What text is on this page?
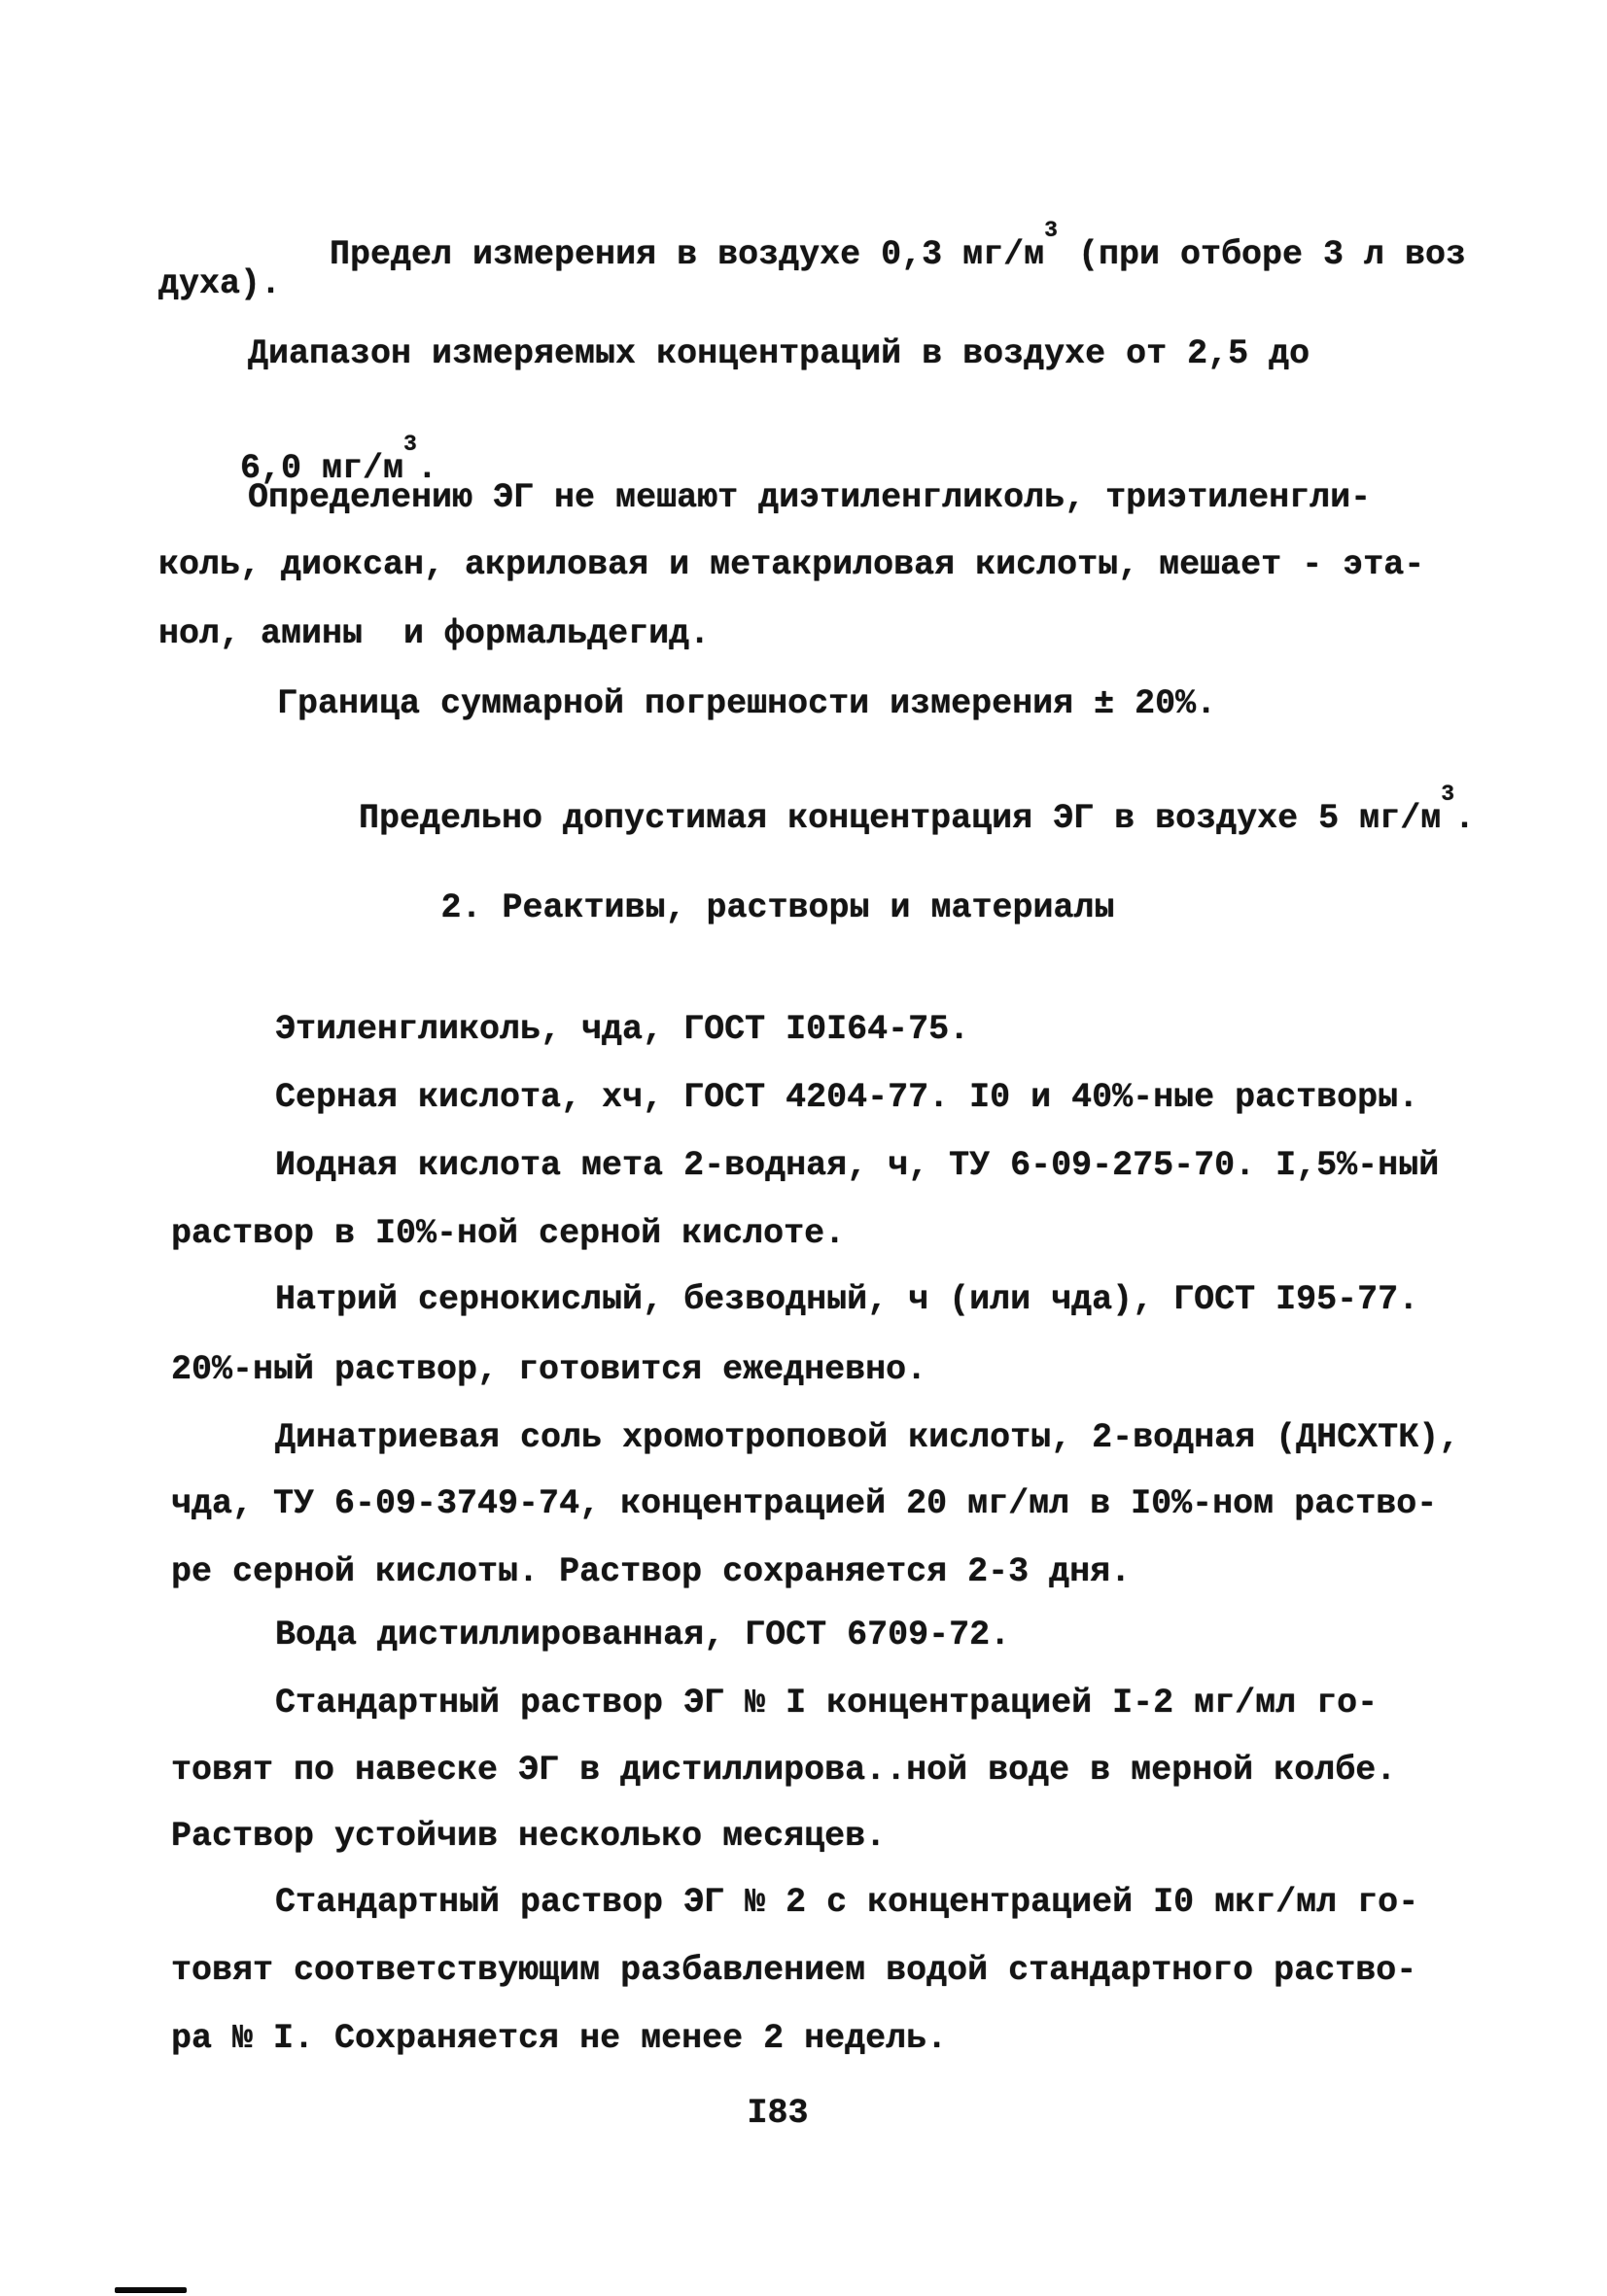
Предел измерения в воздухе 0,3 $мг/м^3$ (при отборе 3 л воз

духа).
Диапазон измеряемых концентраций в воздухе от 2,5 до

6,0 $мг/м^3$.

Определению ЭГ не мешают диэтиленгликоль, триэтиленгли-
коль, диоксан, акриловая и метакриловая кислоты, мешает - эта-
нол, амины  и формальдегид.
Граница суммарной погрешности измерения ± 20%.

Предельно допустимая концентрация ЭГ в воздухе 5 $мг/м^3$.

2. Реактивы, растворы и материалы
Этиленгликоль, чда, ГОСТ I0I64-75.
Серная кислота, хч, ГОСТ 4204-77. I0 и 40%-ные растворы.
Иодная кислота мета 2-водная, ч, ТУ 6-09-275-70. I,5%-ный
раствор в I0%-ной серной кислоте.
Натрий сернокислый, безводный, ч (или чда), ГОСТ I95-77.
20%-ный раствор, готовится ежедневно.
Динатриевая соль хромотроповой кислоты, 2-водная (ДНСХТК),
чда, ТУ 6-09-3749-74, концентрацией 20 мг/мл в I0%-ном раство-
ре серной кислоты. Раствор сохраняется 2-3 дня.
Вода дистиллированная, ГОСТ 6709-72.
Стандартный раствор ЭГ № I концентрацией I-2 мг/мл го-
товят по навеске ЭГ в дистиллирова..ной воде в мерной колбе.
Раствор устойчив несколько месяцев.
Стандартный раствор ЭГ № 2 с концентрацией I0 мкг/мл го-
товят соответствующим разбавлением водой стандартного раство-
ра № I. Сохраняется не менее 2 недель.
I83
